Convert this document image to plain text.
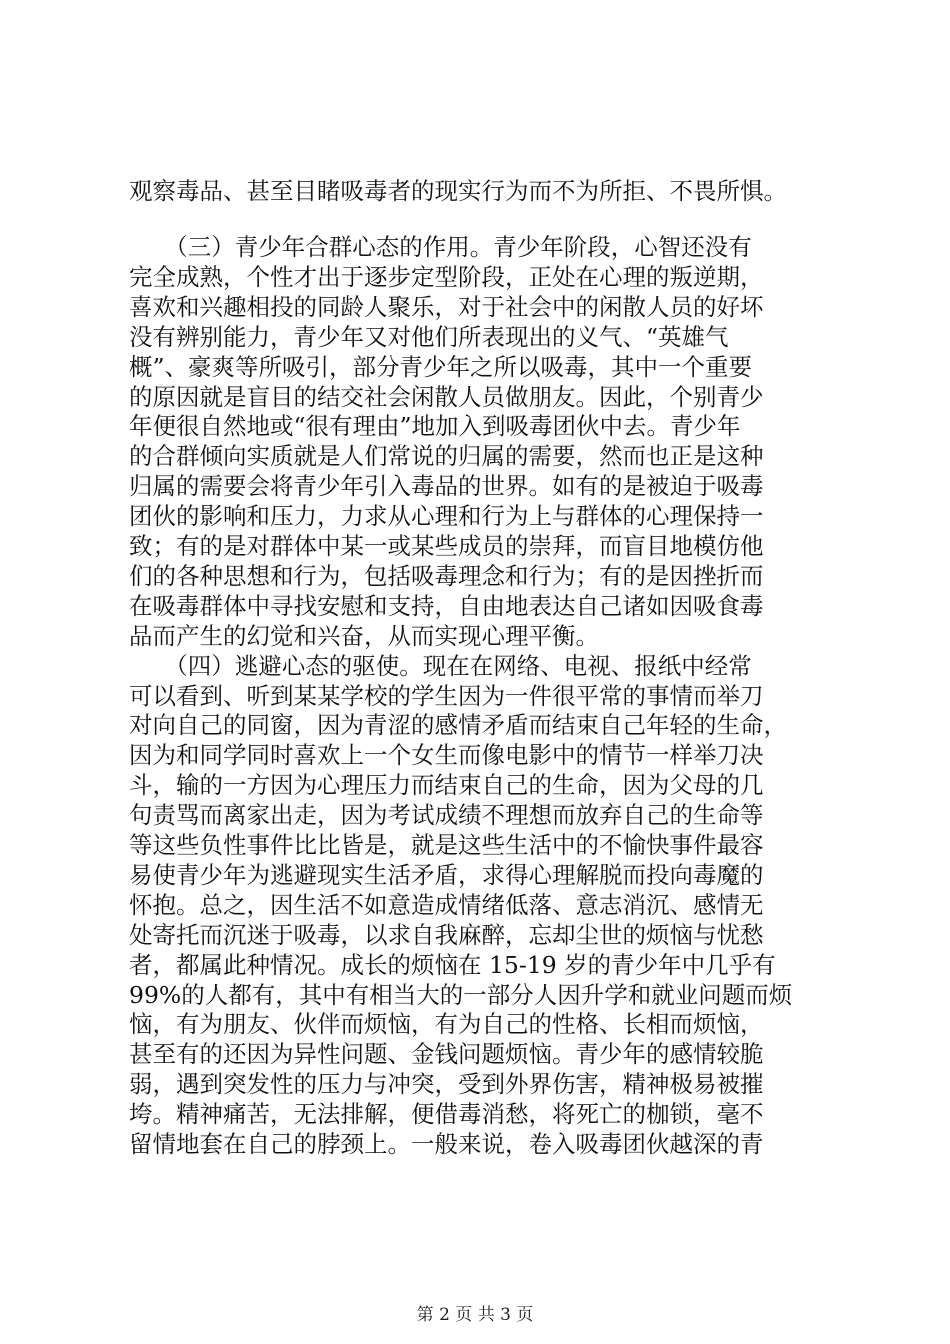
观察毒品、甚至目睹吸毒者的现实行为而不为所拒、不畏所惧。
　　（三）青少年合群心态的作用。青少年阶段，心智还没有
完全成熟，个性才出于逐步定型阶段，正处在心理的叛逆期，
喜欢和兴趣相投的同龄人聚乐，对于社会中的闲散人员的好坏
没有辨别能力，青少年又对他们所表现出的义气、“英雄气
概”、豪爽等所吸引，部分青少年之所以吸毒，其中一个重要
的原因就是盲目的结交社会闲散人员做朋友。因此，个别青少
年便很自然地或“很有理由”地加入到吸毒团伙中去。青少年
的合群倾向实质就是人们常说的归属的需要，然而也正是这种
归属的需要会将青少年引入毒品的世界。如有的是被迫于吸毒
团伙的影响和压力，力求从心理和行为上与群体的心理保持一
致；有的是对群体中某一或某些成员的崇拜，而盲目地模仿他
们的各种思想和行为，包括吸毒理念和行为；有的是因挫折而
在吸毒群体中寻找安慰和支持，自由地表达自己诸如因吸食毒
品而产生的幻觉和兴奋，从而实现心理平衡。
　　（四）逃避心态的驱使。现在在网络、电视、报纸中经常
可以看到、听到某某学校的学生因为一件很平常的事情而举刀
对向自己的同窗，因为青涩的感情矛盾而结束自己年轻的生命，
因为和同学同时喜欢上一个女生而像电影中的情节一样举刀决
斗，输的一方因为心理压力而结束自己的生命，因为父母的几
句责骂而离家出走，因为考试成绩不理想而放弃自己的生命等
等这些负性事件比比皆是，就是这些生活中的不愉快事件最容
易使青少年为逃避现实生活矛盾，求得心理解脱而投向毒魔的
怀抱。总之，因生活不如意造成情绪低落、意志消沉、感情无
处寄托而沉迷于吸毒，以求自我麻醉，忘却尘世的烦恼与忧愁
者，都属此种情况。成长的烦恼在 15-19 岁的青少年中几乎有
99%的人都有，其中有相当大的一部分人因升学和就业问题而烦
恼，有为朋友、伙伴而烦恼，有为自己的性格、长相而烦恼，
甚至有的还因为异性问题、金钱问题烦恼。青少年的感情较脆
弱，遇到突发性的压力与冲突，受到外界伤害，精神极易被摧
垮。精神痛苦，无法排解，便借毒消愁，将死亡的枷锁，毫不
留情地套在自己的脖颈上。一般来说，卷入吸毒团伙越深的青
第 2 页 共 3 页
